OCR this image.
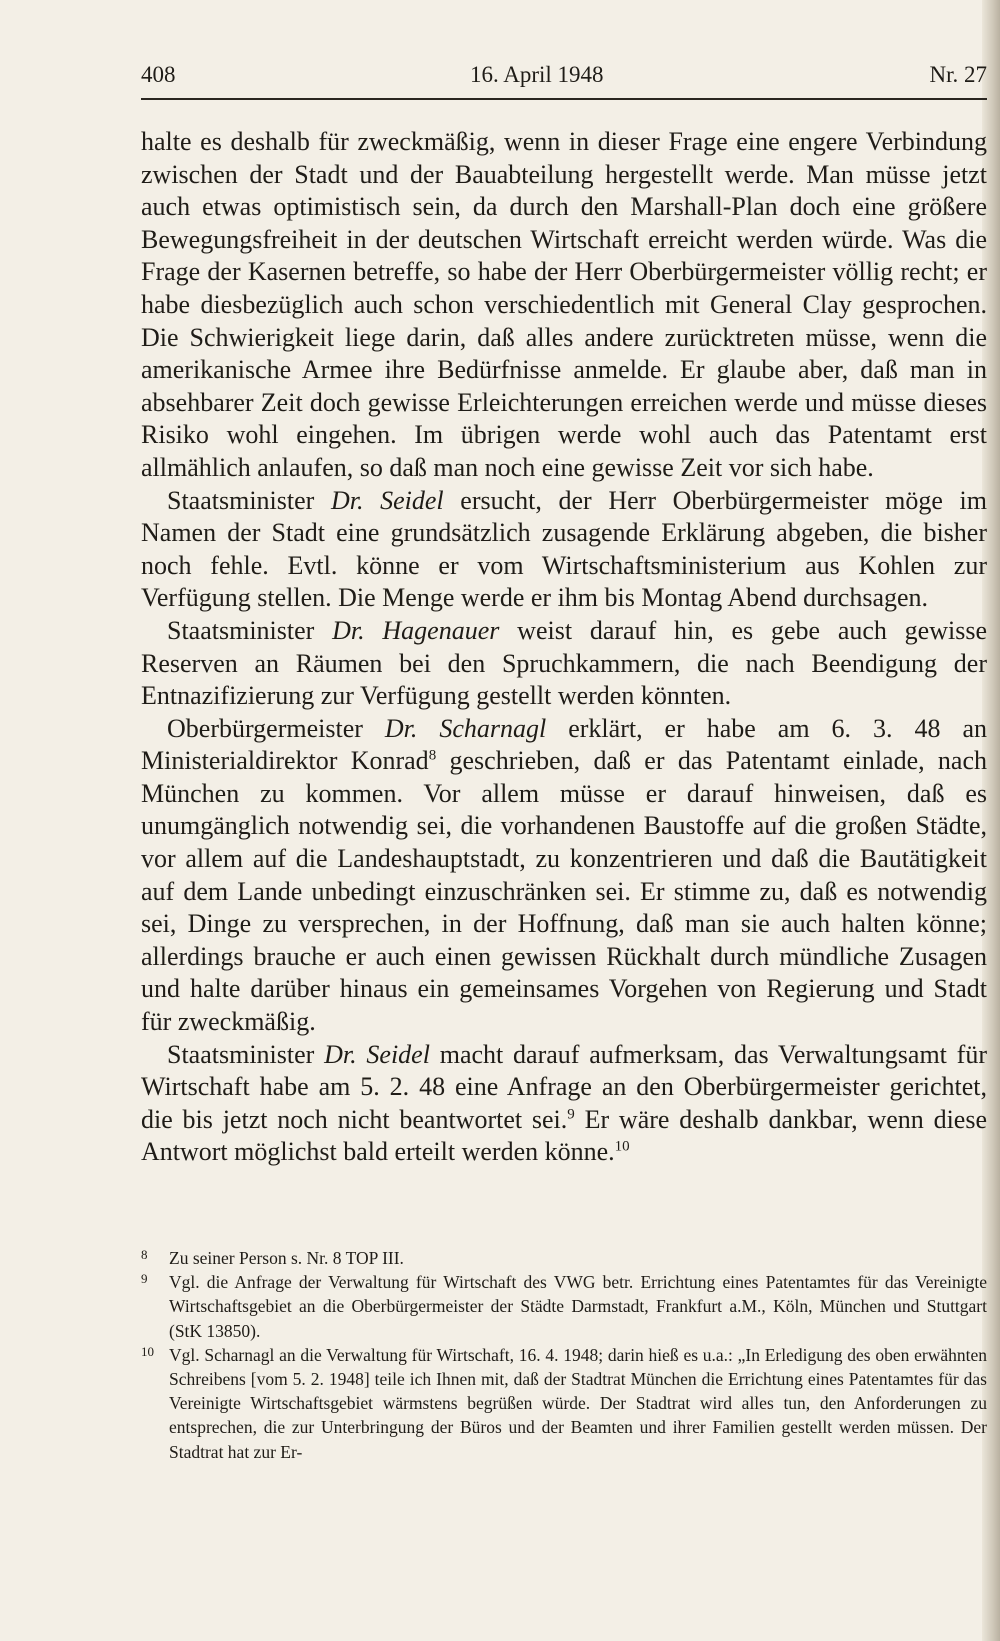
408	16. April 1948	Nr. 27

halte es deshalb für zweckmäßig, wenn in dieser Frage eine engere Verbindung zwischen der Stadt und der Bauabteilung hergestellt werde. Man müsse jetzt auch etwas optimistisch sein, da durch den Marshall-Plan doch eine größere Bewegungsfreiheit in der deutschen Wirtschaft erreicht werden würde. Was die Frage der Kasernen betreffe, so habe der Herr Oberbürgermeister völlig recht; er habe diesbezüglich auch schon verschiedentlich mit General Clay gesprochen. Die Schwierigkeit liege darin, daß alles andere zurücktreten müsse, wenn die amerikanische Armee ihre Bedürfnisse anmelde. Er glaube aber, daß man in absehbarer Zeit doch gewisse Erleichterungen erreichen werde und müsse dieses Risiko wohl eingehen. Im übrigen werde wohl auch das Patentamt erst allmählich anlaufen, so daß man noch eine gewisse Zeit vor sich habe.

Staatsminister Dr. Seidel ersucht, der Herr Oberbürgermeister möge im Namen der Stadt eine grundsätzlich zusagende Erklärung abgeben, die bisher noch fehle. Evtl. könne er vom Wirtschaftsministerium aus Kohlen zur Verfügung stellen. Die Menge werde er ihm bis Montag Abend durchsagen.

Staatsminister Dr. Hagenauer weist darauf hin, es gebe auch gewisse Reserven an Räumen bei den Spruchkammern, die nach Beendigung der Entnazifizierung zur Verfügung gestellt werden könnten.

Oberbürgermeister Dr. Scharnagl erklärt, er habe am 6. 3. 48 an Ministerialdirektor Konrad$^8$ geschrieben, daß er das Patentamt einlade, nach München zu kommen. Vor allem müsse er darauf hinweisen, daß es unumgänglich notwendig sei, die vorhandenen Baustoffe auf die großen Städte, vor allem auf die Landeshauptstadt, zu konzentrieren und daß die Bautätigkeit auf dem Lande unbedingt einzuschränken sei. Er stimme zu, daß es notwendig sei, Dinge zu versprechen, in der Hoffnung, daß man sie auch halten könne; allerdings brauche er auch einen gewissen Rückhalt durch mündliche Zusagen und halte darüber hinaus ein gemeinsames Vorgehen von Regierung und Stadt für zweckmäßig.

Staatsminister Dr. Seidel macht darauf aufmerksam, das Verwaltungsamt für Wirtschaft habe am 5. 2. 48 eine Anfrage an den Oberbürgermeister gerichtet, die bis jetzt noch nicht beantwortet sei.$^9$ Er wäre deshalb dankbar, wenn diese Antwort möglichst bald erteilt werden könne.$^{10}$

8 Zu seiner Person s. Nr. 8 TOP III.

9 Vgl. die Anfrage der Verwaltung für Wirtschaft des VWG betr. Errichtung eines Patentamtes für das Vereinigte Wirtschaftsgebiet an die Oberbürgermeister der Städte Darmstadt, Frankfurt a.M., Köln, München und Stuttgart (StK 13850).

10 Vgl. Scharnagl an die Verwaltung für Wirtschaft, 16. 4. 1948; darin hieß es u.a.: „In Erledigung des oben erwähnten Schreibens [vom 5. 2. 1948] teile ich Ihnen mit, daß der Stadtrat München die Errichtung eines Patentamtes für das Vereinigte Wirtschaftsgebiet wärmstens begrüßen würde. Der Stadtrat wird alles tun, den Anforderungen zu entsprechen, die zur Unterbringung der Büros und der Beamten und ihrer Familien gestellt werden müssen. Der Stadtrat hat zur Er-
